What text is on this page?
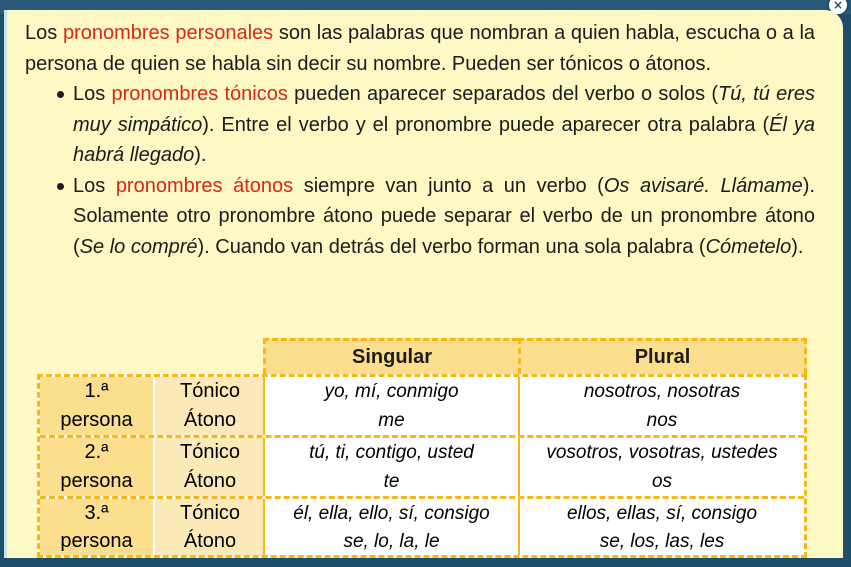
×

Los pronombres personales son las palabras que nombran a quien habla, escucha o a la persona de quien se habla sin decir su nombre. Pueden ser tónicos o átonos.

Los pronombres tónicos pueden aparecer separados del verbo o solos (Tú, tú eres muy simpático). Entre el verbo y el pronombre puede aparecer otra palabra (Él ya habrá llegado).
Los pronombres átonos siempre van junto a un verbo (Os avisaré. Llámame). Solamente otro pronombre átono puede separar el verbo de un pronombre átono (Se lo compré). Cuando van detrás del verbo forman una sola palabra (Cómetelo).
Singular	Plural
1.ª
persona
Tónico	yo, mí, conmigo	nosotros, nosotras
Átono	me	nos
2.ª
persona
Tónico	tú, ti, contigo, usted	vosotros, vosotras, ustedes
Átono	te	os
3.ª
persona
Tónico	él, ella, ello, sí, consigo	ellos, ellas, sí, consigo
Átono	se, lo, la, le	se, los, las, les
